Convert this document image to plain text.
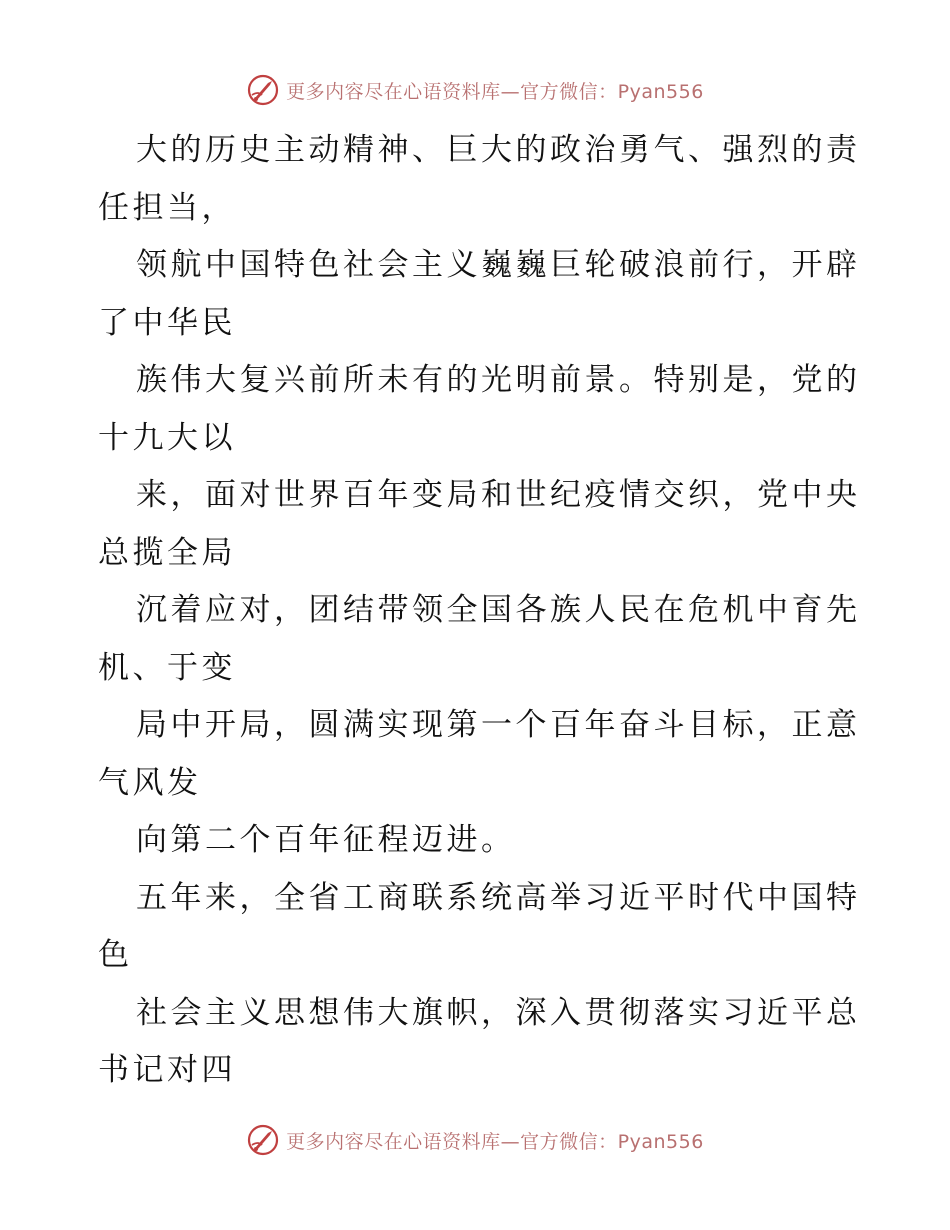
更多内容尽在心语资料库—官方微信：Pyan556
大的历史主动精神、巨大的政治勇气、强烈的责
任担当，
领航中国特色社会主义巍巍巨轮破浪前行，开辟
了中华民
族伟大复兴前所未有的光明前景。特别是，党的
十九大以
来，面对世界百年变局和世纪疫情交织，党中央
总揽全局
沉着应对，团结带领全国各族人民在危机中育先
机、于变
局中开局，圆满实现第一个百年奋斗目标，正意
气风发
向第二个百年征程迈进。
五年来，全省工商联系统高举习近平时代中国特
色
社会主义思想伟大旗帜，深入贯彻落实习近平总
书记对四
更多内容尽在心语资料库—官方微信：Pyan556
